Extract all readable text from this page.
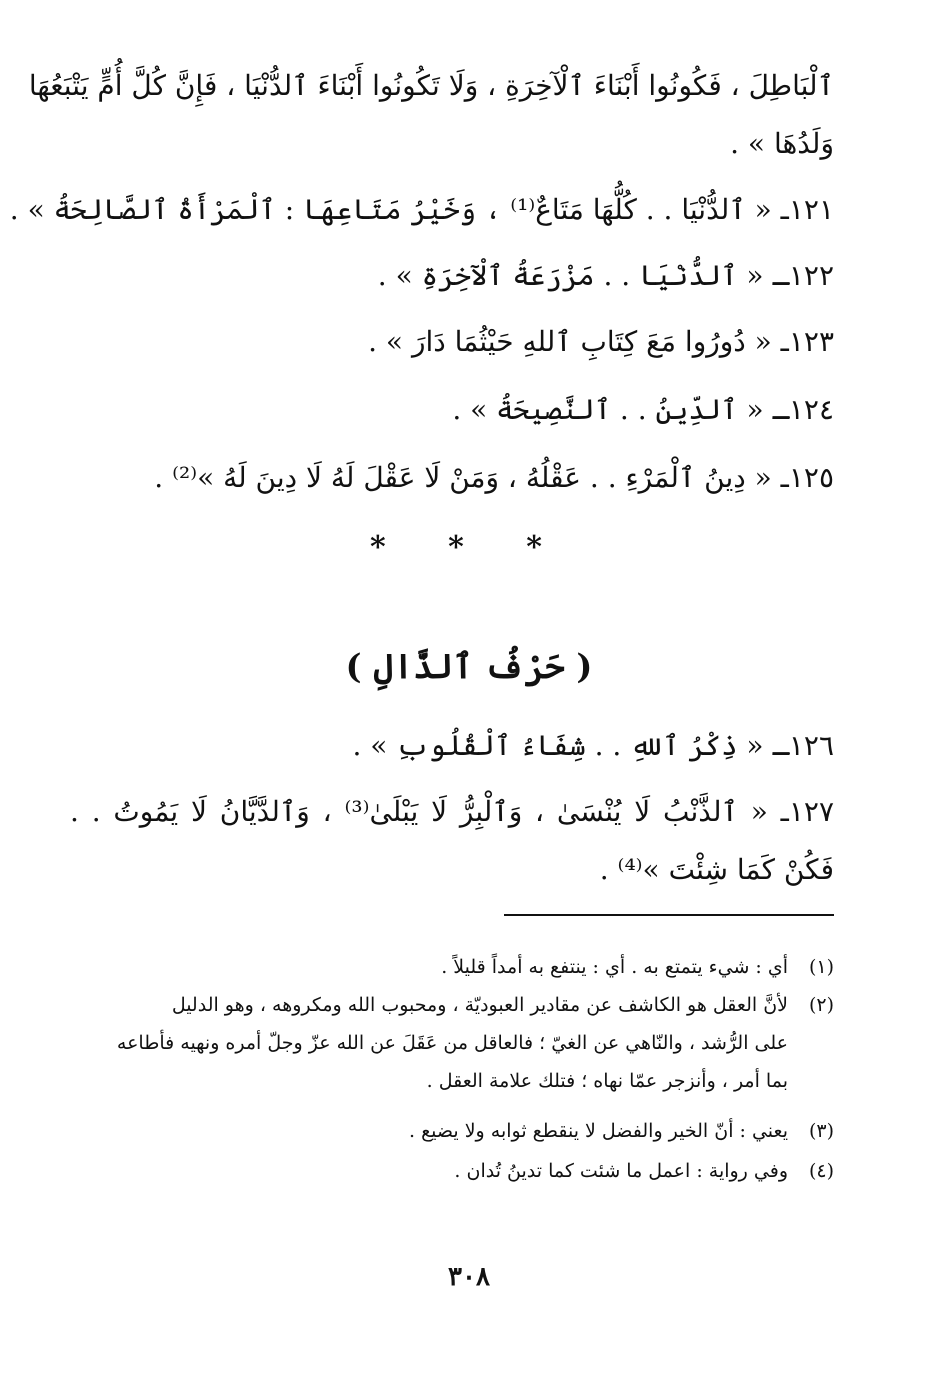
ٱلْبَاطِلَ ، فَكُونُوا أَبْنَاءَ ٱلْآخِرَةِ ، وَلَا تَكُونُوا أَبْنَاءَ ٱلدُّنْيَا ، فَإِنَّ كُلَّ أُمٍّ يَتْبَعُهَا
وَلَدُهَا » .
١٢١ـ « ٱلدُّنْيَا . . كُلُّهَا مَتَاعٌ⁽¹⁾ ، وَخَيْرُ مَتَاعِهَا : ٱلْمَرْأَةُ ٱلصَّالِحَةُ » .
١٢٢ـ « ٱلدُّنْيَا . . مَزْرَعَةُ ٱلْآخِرَةِ » .
١٢٣ـ « دُورُوا مَعَ كِتَابِ ٱللهِ حَيْثُمَا دَارَ » .
١٢٤ـ « ٱلدِّينُ . . ٱلنَّصِيحَةُ » .
١٢٥ـ « دِينُ ٱلْمَرْءِ . . عَقْلُهُ ، وَمَنْ لَا عَقْلَ لَهُ لَا دِينَ لَهُ »⁽²⁾ .
* * *
( حَرْفُ ٱلذَّالِ )
١٢٦ـ « ذِكْرُ ٱللهِ . . شِفَاءُ ٱلْقُلُوبِ » .
١٢٧ـ « ٱلذَّنْبُ لَا يُنْسَىٰ ، وَٱلْبِرُّ لَا يَبْلَىٰ⁽³⁾ ، وَٱلدَّيَّانُ لَا يَمُوتُ . .
فَكُنْ كَمَا شِئْتَ »⁽⁴⁾ .
(١)أي : شيء يتمتع به . أي : ينتفع به أمداً قليلاً .
(٢)لأنَّ العقل هو الكاشف عن مقادير العبوديّة ، ومحبوب الله ومكروهه ، وهو الدليل
على الرُّشد ، والنّاهي عن الغيّ ؛ فالعاقل من عَقَلَ عن الله عزّ وجلّ أمره ونهيه فأطاعه
بما أمر ، وأنزجر عمّا نهاه ؛ فتلك علامة العقل .
(٣)يعني : أنّ الخير والفضل لا ينقطع ثوابه ولا يضيع .
(٤)وفي رواية : اعمل ما شئت كما تدينُ تُدان .
٣٠٨
